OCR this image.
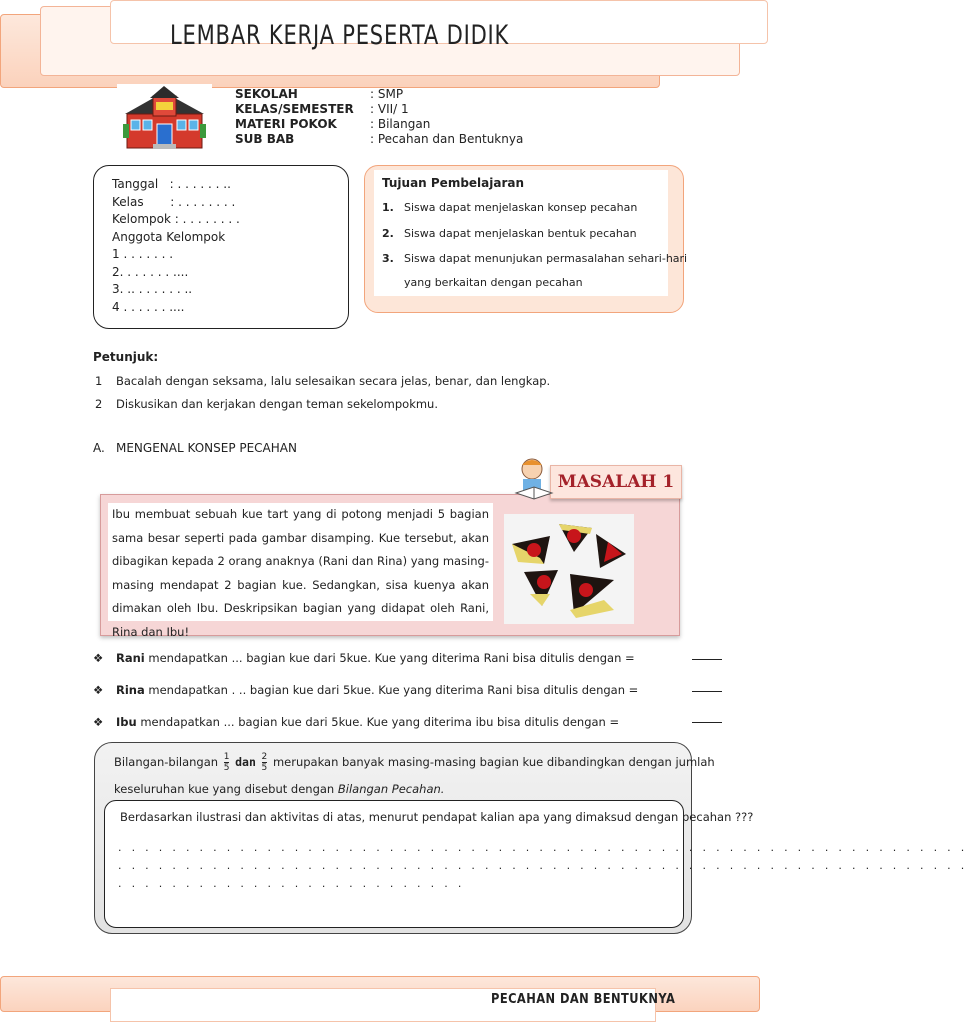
LEMBAR KERJA PESERTA DIDIK
SEKOLAH	: SMP
KELAS/SEMESTER : VII/ 1
MATERI POKOK	: Bilangan
SUB BAB	: Pecahan dan Bentuknya
Tanggal   : . . . . . . ..
Kelas       : . . . . . . . .
Kelompok : . . . . . . . .
Anggota Kelompok
1 . . . . . . .
2. . . . . . . ....
3. .. . . . . . . ..
4 . . . . . . ....
Tujuan Pembelajaran
1. Siswa dapat menjelaskan konsep pecahan
2. Siswa dapat menjelaskan bentuk pecahan
3. Siswa dapat menunjukan permasalahan sehari-hari
yang berkaitan dengan pecahan
Petunjuk:
1 Bacalah dengan seksama, lalu selesaikan secara jelas, benar, dan lengkap.
2 Diskusikan dan kerjakan dengan teman sekelompokmu.
A. MENGENAL KONSEP PECAHAN
Ibu membuat sebuah kue tart yang di potong menjadi 5 bagian sama besar seperti pada gambar disamping. Kue tersebut, akan dibagikan kepada 2 orang anaknya (Rani dan Rina) yang masing-masing mendapat 2 bagian kue. Sedangkan, sisa kuenya akan dimakan oleh Ibu. Deskripsikan bagian yang didapat oleh Rani, Rina dan Ibu!
MASALAH 1
❖ Rani mendapatkan ... bagian kue dari 5kue. Kue yang diterima Rani bisa ditulis dengan =
❖ Rina mendapatkan . .. bagian kue dari 5kue. Kue yang diterima Rani bisa ditulis dengan =
❖ Ibu mendapatkan ... bagian kue dari 5kue. Kue yang diterima ibu bisa ditulis dengan =
Bilangan-bilangan $\frac{1}{5}$ dan $\frac{2}{5}$ merupakan banyak masing-masing bagian kue dibandingkan dengan jumlah
keseluruhan kue yang disebut dengan Bilangan Pecahan.
Berdasarkan ilustrasi dan aktivitas di atas, menurut pendapat kalian apa yang dimaksud dengan pecahan ???
. . . . . . . . . . . . . . . . . . . . . . . . . . . . . . . . . . . . . . . . . . . . . . . . . . . . . . . . . . . . . . .
. . . . . . . . . . . . . . . . . . . . . . . . . . . . . . . . . . . . . . . . . . . . . . . . . . . . . . . . . . . . . . .
. . . . . . . . . . . . . . . . . . . . . . . . . .
PECAHAN DAN BENTUKNYA
